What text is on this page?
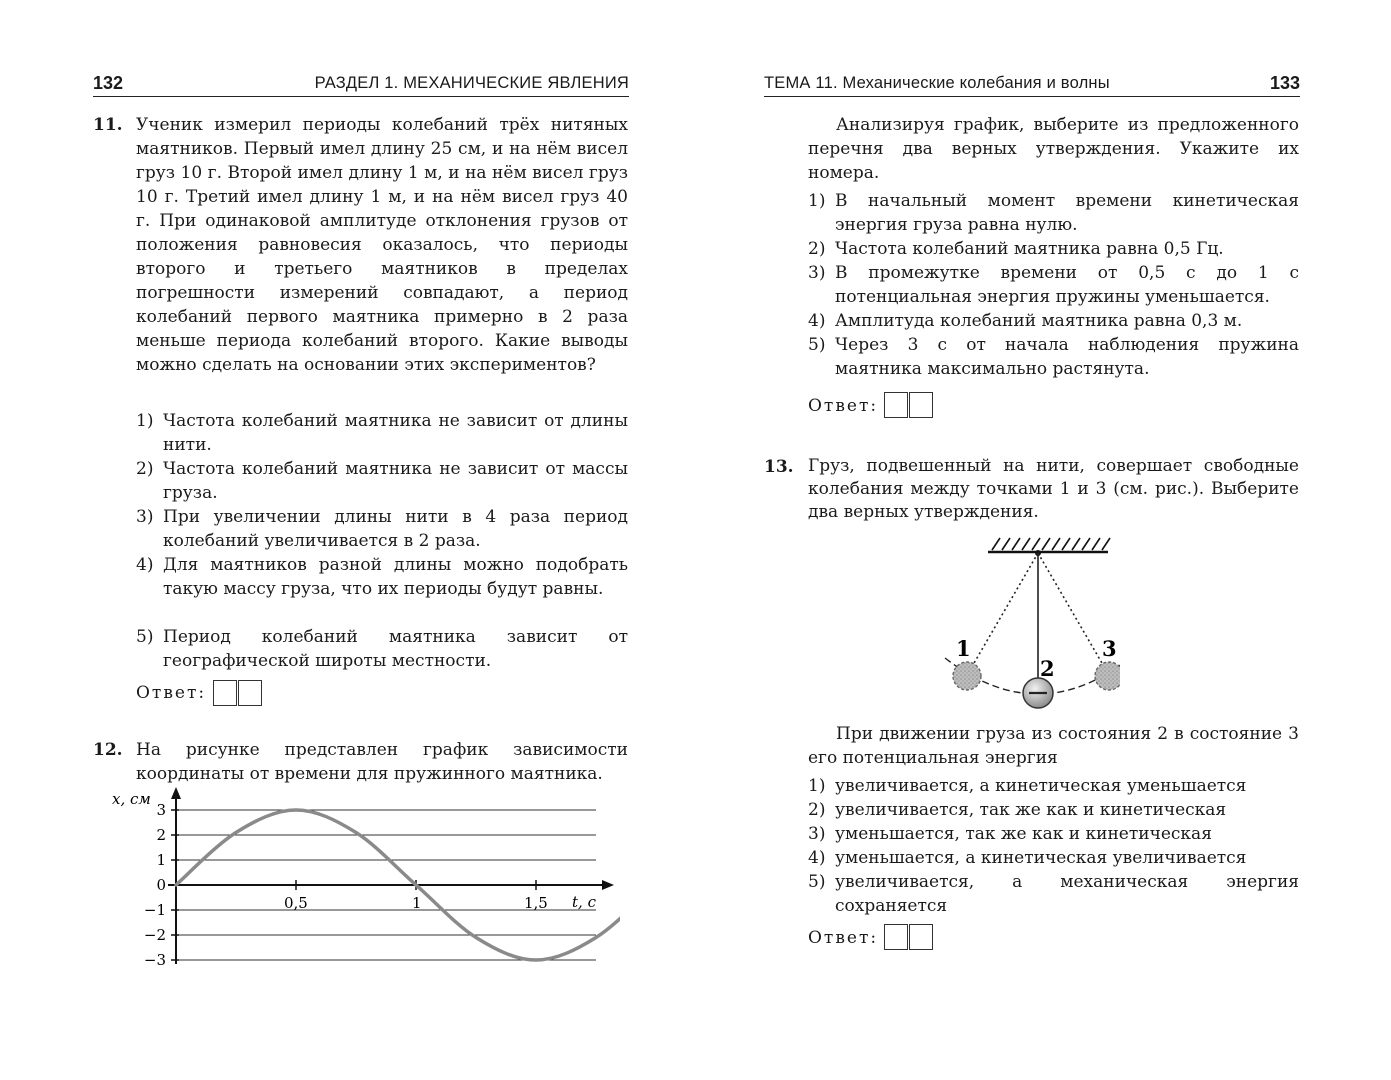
132	РАЗДЕЛ 1. МЕХАНИЧЕСКИЕ ЯВЛЕНИЯ
11. Ученик измерил периоды колебаний трёх нитяных маятников. Первый имел длину 25 см, и на нём висел груз 10 г. Второй имел длину 1 м, и на нём висел груз 10 г. Третий имел длину 1 м, и на нём висел груз 40 г. При одинаковой амплитуде отклонения грузов от положения равновесия оказалось, что периоды второго и третьего маятников в пределах погрешности измерений совпадают, а период колебаний первого маятника примерно в 2 раза меньше периода колебаний второго. Какие выводы можно сделать на основании этих экспериментов?
1) Частота колебаний маятника не зависит от длины нити.
2) Частота колебаний маятника не зависит от массы груза.
3) При увеличении длины нити в 4 раза период колебаний увеличивается в 2 раза.
4) Для маятников разной длины можно подобрать такую массу груза, что их периоды будут равны.
5) Период колебаний маятника зависит от географической широты местности.
Ответ:
12. На рисунке представлен график зависимости координаты от времени для пружинного маятника.
0,5	1	1,5
3
2
1
0
−1
−2
−3
x, см
t, с
ТЕМА 11. Механические колебания и волны	133
Анализируя график, выберите из предложенного перечня два верных утверждения. Укажите их номера.
1) В начальный момент времени кинетическая энергия груза равна нулю.
2) Частота колебаний маятника равна 0,5 Гц.
3) В промежутке времени от 0,5 с до 1 с потенциальная энергия пружины уменьшается.
4) Амплитуда колебаний маятника равна 0,3 м.
5) Через 3 с от начала наблюдения пружина маятника максимально растянута.
Ответ:
13. Груз, подвешенный на нити, совершает свободные колебания между точками 1 и 3 (см. рис.). Выберите два верных утверждения.
1
2
3
При движении груза из состояния 2 в состояние 3 его потенциальная энергия
1) увеличивается, а кинетическая уменьшается
2) увеличивается, так же как и кинетическая
3) уменьшается, так же как и кинетическая
4) уменьшается, а кинетическая увеличивается
5) увеличивается, а механическая энергия сохраняется
Ответ:
